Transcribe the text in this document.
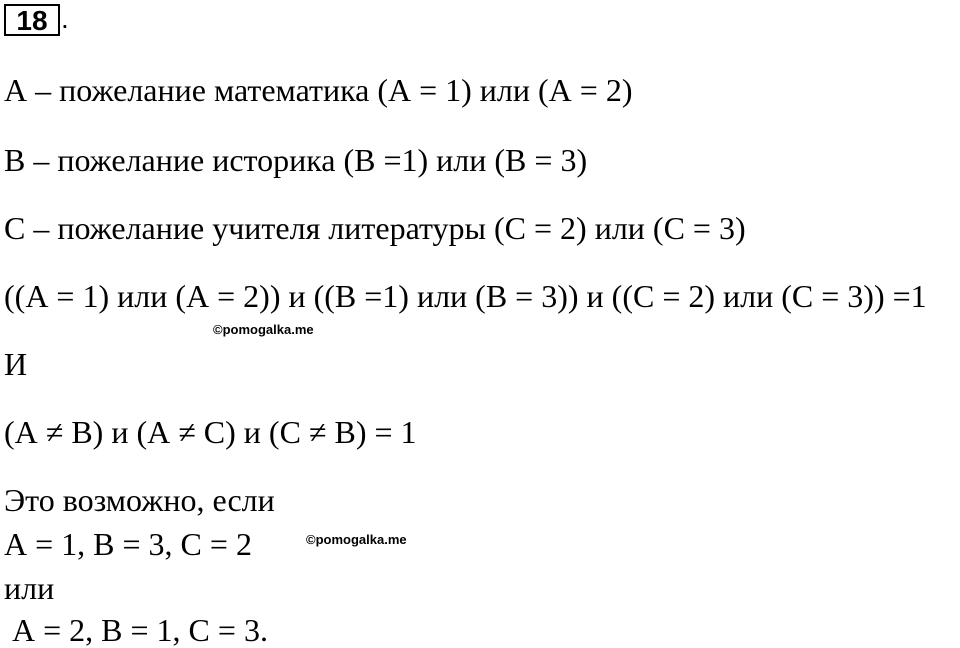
18 .
А – пожелание математика (А = 1) или (А = 2)
В – пожелание историка (В =1) или (В = 3)
С – пожелание учителя литературы (С = 2) или (С = 3)
((А = 1) или (А = 2)) и ((В =1) или (В = 3)) и ((С = 2) или (С = 3)) =1
©pomogalka.me
И
(А ≠ В) и (А ≠ С) и (С ≠ В) = 1
Это возможно, если
А = 1, В = 3, С = 2	©pomogalka.me
или
А = 2, В = 1, С = 3.
